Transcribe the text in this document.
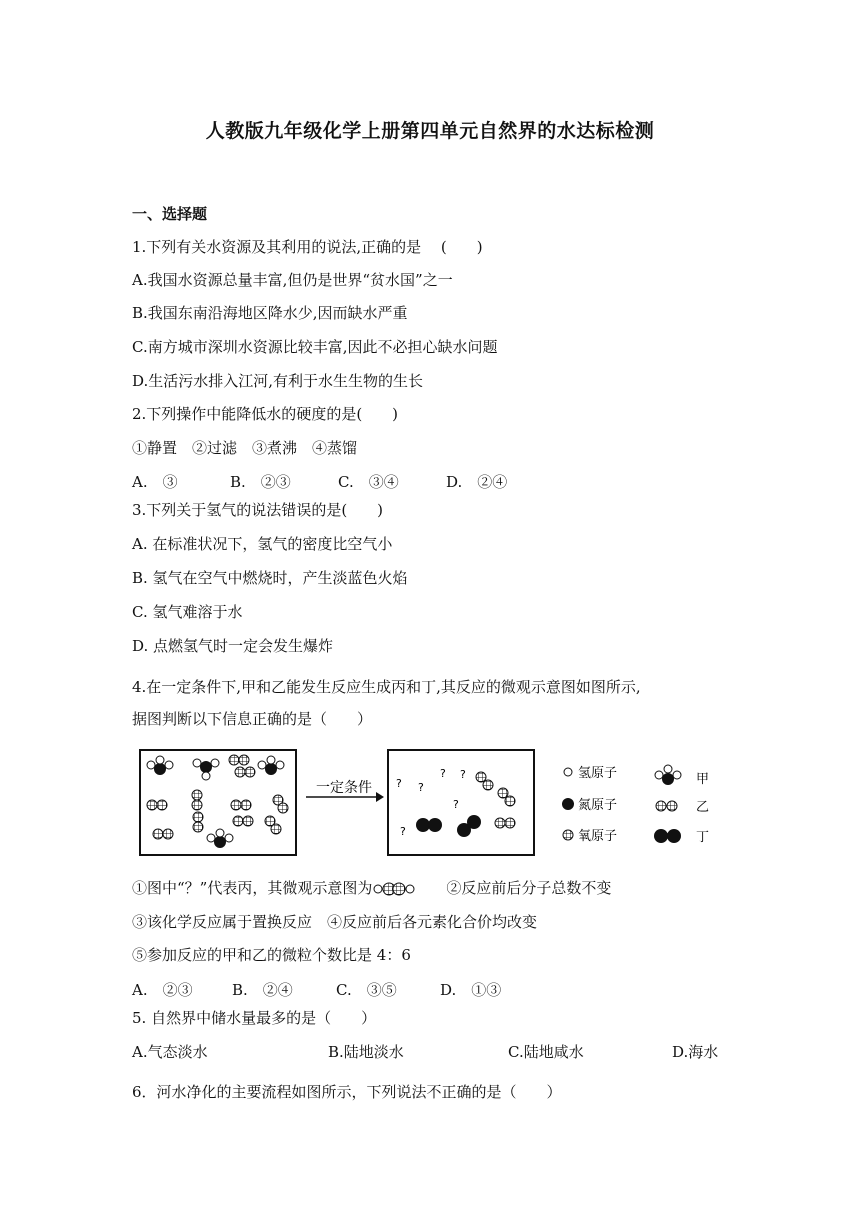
人教版九年级化学上册第四单元自然界的水达标检测
一、选择题
1.下列有关水资源及其利用的说法,正确的是　 (　　)
A.我国水资源总量丰富,但仍是世界“贫水国”之一
B.我国东南沿海地区降水少,因而缺水严重
C.南方城市深圳水资源比较丰富,因此不必担心缺水问题
D.生活污水排入江河,有利于水生生物的生长
2.下列操作中能降低水的硬度的是(　　)
①静置　②过滤　③煮沸　④蒸馏
A.　③	B.　②③	C.　③④	D.　②④
3.下列关于氢气的说法错误的是(　　)
A. 在标准状况下，氢气的密度比空气小
B. 氢气在空气中燃烧时，产生淡蓝色火焰
C. 氢气难溶于水
D. 点燃氢气时一定会发生爆炸
4.在一定条件下,甲和乙能发生反应生成丙和丁,其反应的微观示意图如图所示,
据图判断以下信息正确的是（　　）
一定条件 ? ?
? ?
?
?
氢原子
氮原子
氧原子
甲
乙
丁
①图中“？”代表丙，其微观示意图为	②反应前后分子总数不变
③该化学反应属于置换反应　④反应前后各元素化合价均改变
⑤参加反应的甲和乙的微粒个数比是 4：6
A.　②③	B.　②④	C.　③⑤	D.　①③
5. 自然界中储水量最多的是（　　）
A.气态淡水	B.陆地淡水	C.陆地咸水	D.海水
6．河水净化的主要流程如图所示，下列说法不正确的是（　　）
